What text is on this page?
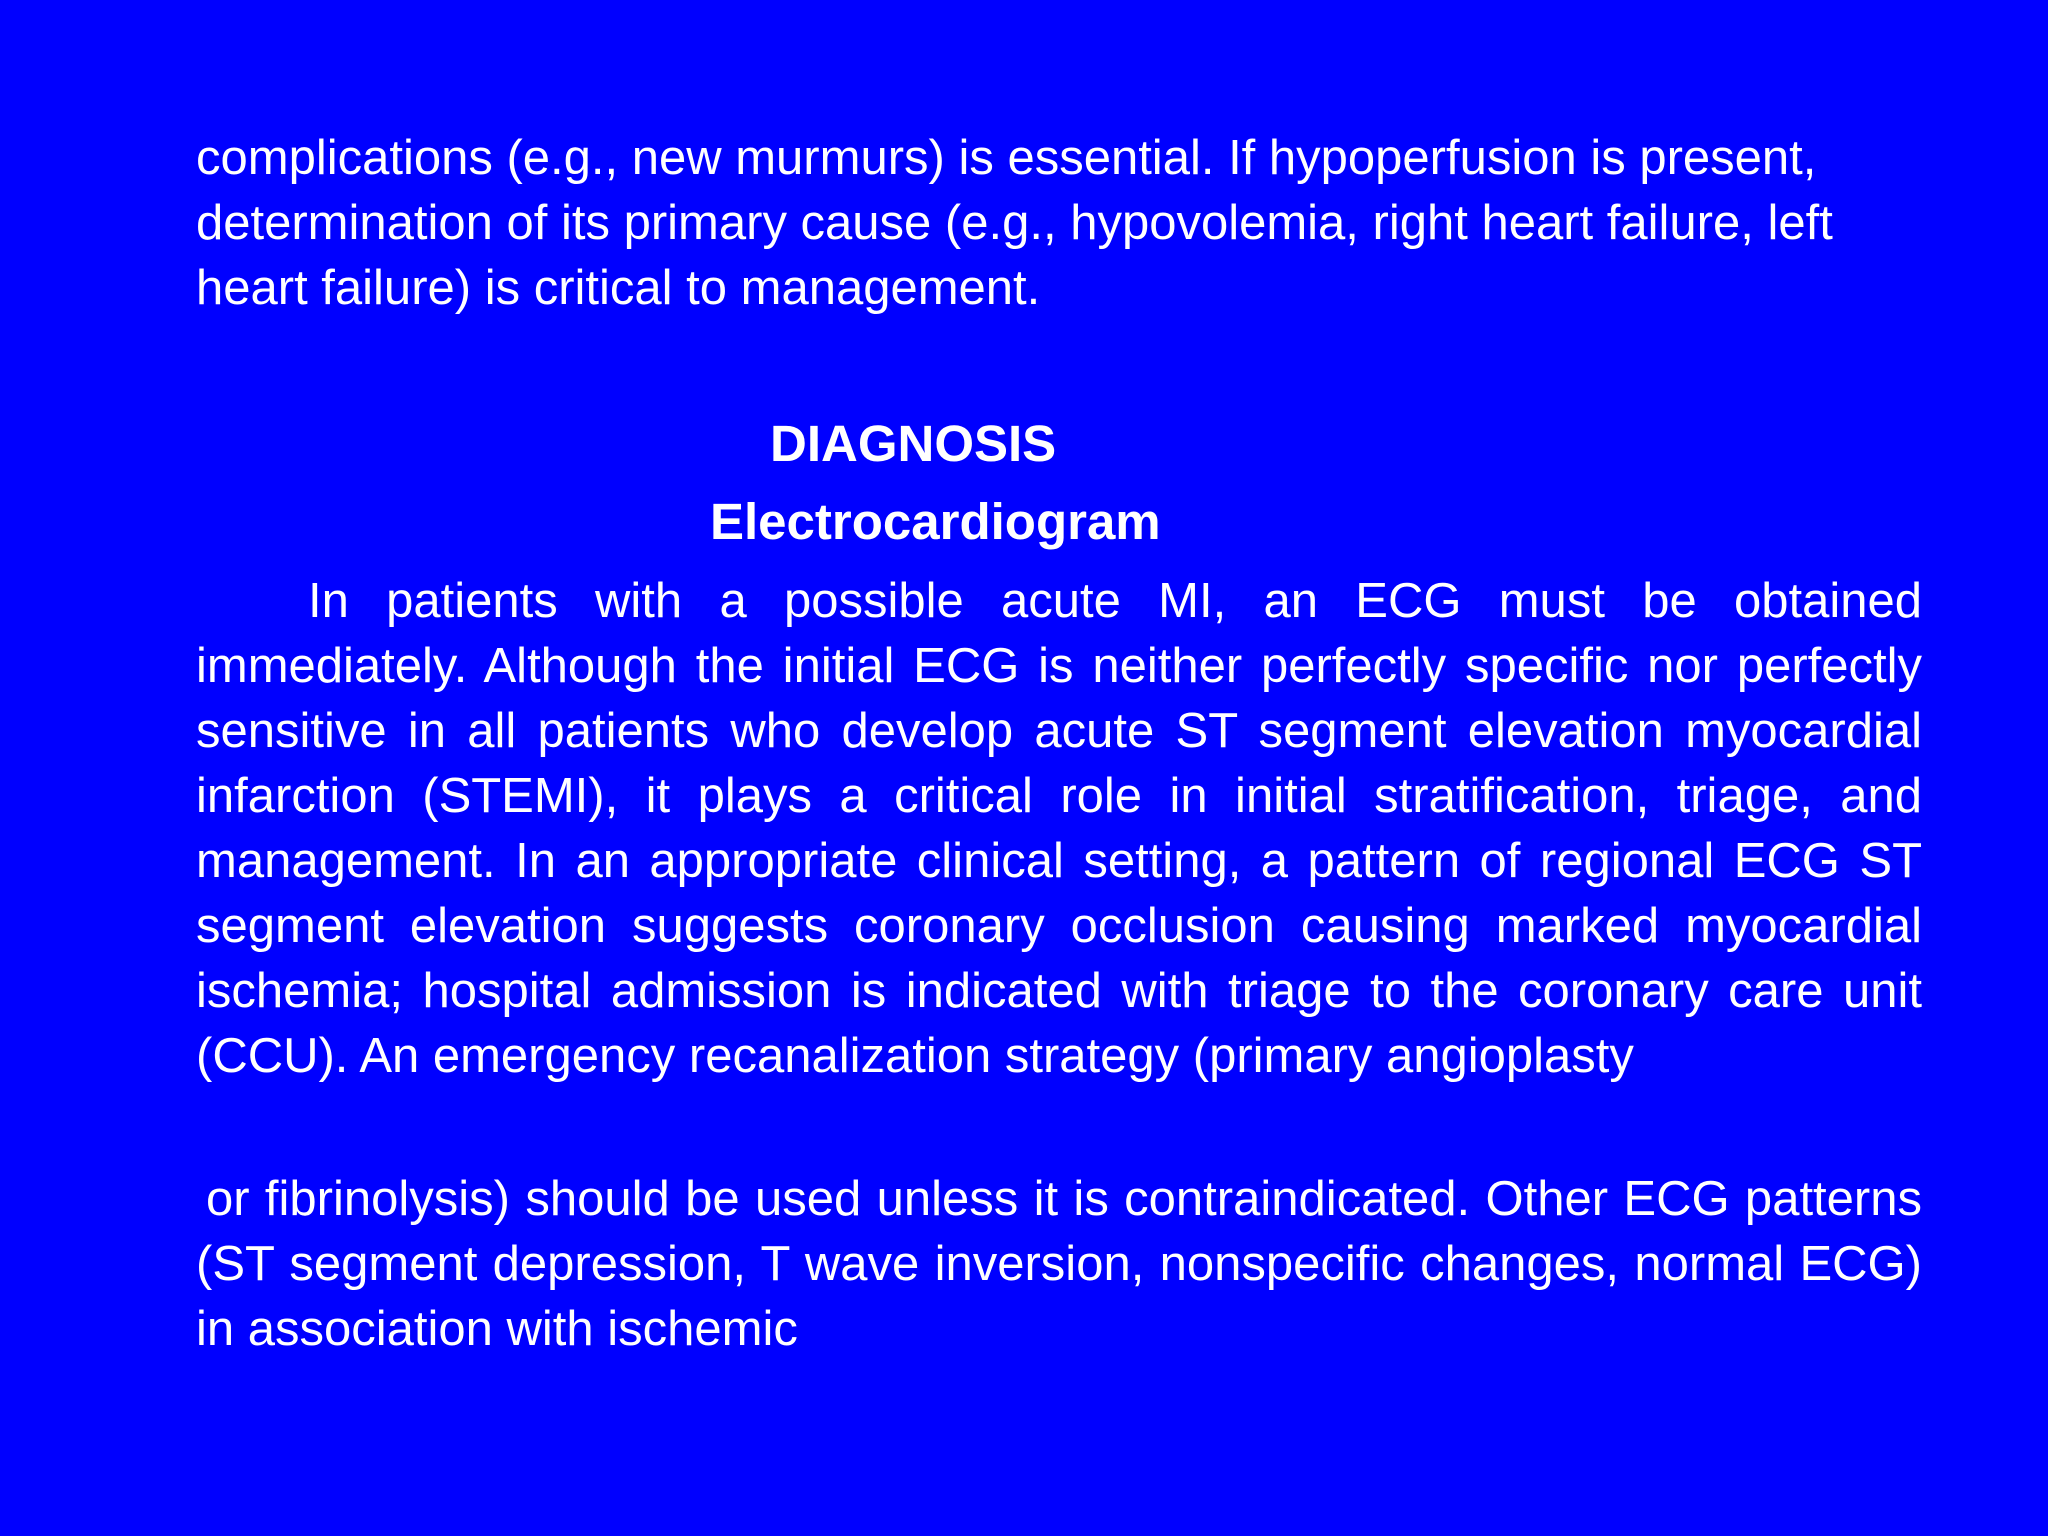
complications (e.g., new murmurs) is essential. If hypoperfusion is present, determination of its primary cause (e.g., hypovolemia, right heart failure, left heart failure) is critical to management.

DIAGNOSIS
Electrocardiogram

In patients with a possible acute MI, an ECG must be obtained immediately. Although the initial ECG is neither perfectly specific nor perfectly sensitive in all patients who develop acute ST segment elevation myocardial infarction (STEMI), it plays a critical role in initial stratification, triage, and management. In an appropriate clinical setting, a pattern of regional ECG ST segment elevation suggests coronary occlusion causing marked myocardial ischemia; hospital admission is indicated with triage to the coronary care unit (CCU). An emergency recanalization strategy (primary angioplasty

or fibrinolysis) should be used unless it is contraindicated. Other ECG patterns (ST segment depression, T wave inversion, nonspecific changes, normal ECG) in association with ischemic
